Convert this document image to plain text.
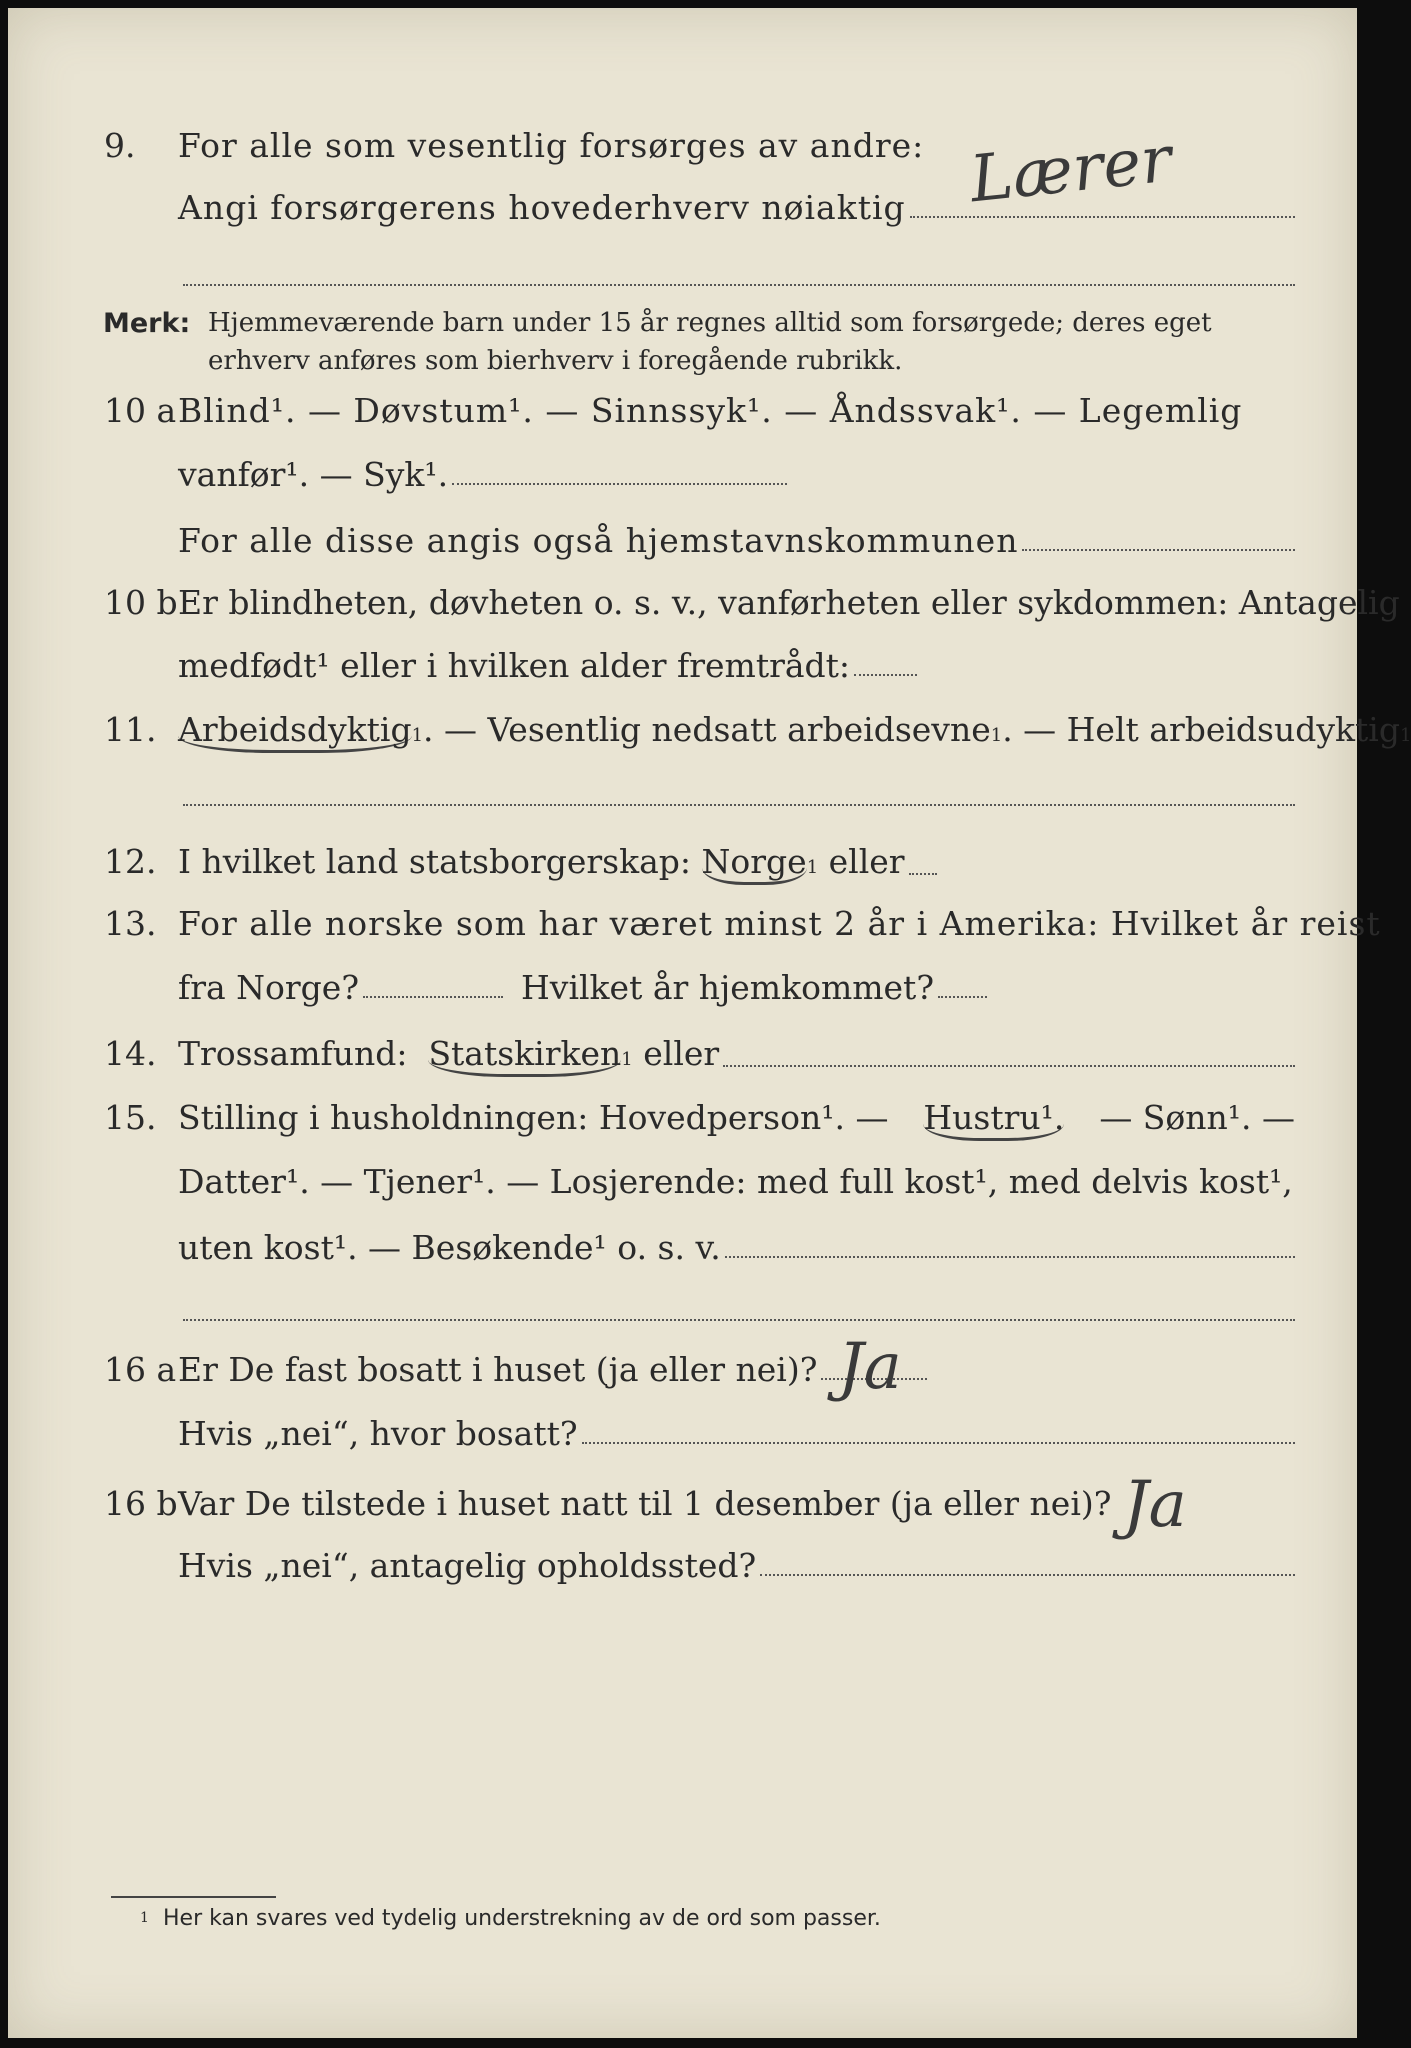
9. For alle som vesentlig forsørges av andre:
Angi forsørgerens hovederhverv nøiaktig Lærer
Merk: Hjemmeværende barn under 15 år regnes alltid som forsørgede; deres eget erhverv anføres som bierhverv i foregående rubrikk.
10 a Blind¹. — Døvstum¹. — Sinnssyk¹. — Åndssvak¹. — Legemlig
vanfør¹. — Syk¹.
For alle disse angis også hjemstavnskommunen
10 b Er blindheten, døvheten o. s. v., vanførheten eller sykdommen: Antagelig
medfødt¹ eller i hvilken alder fremtrådt:
11. Arbeidsdyktig 1 . — Vesentlig nedsatt arbeidsevne 1 . — Helt arbeidsudyktig 1
12. I hvilket land statsborgerskap:
Norge 1
eller
13. For alle norske som har været minst 2 år i Amerika: Hvilket år reist
fra Norge?	Hvilket år hjemkommet?
14. Trossamfund:
Statskirken 1
eller
15. Stilling i husholdningen: Hovedperson¹. — Hustru¹. — Sønn¹. —
Datter¹. — Tjener¹. — Losjerende: med full kost¹, med delvis kost¹,
uten kost¹. — Besøkende¹ o. s. v.
16 a Er De fast bosatt i huset (ja eller nei)? Ja
Hvis „nei“, hvor bosatt?
16 b Var De tilstede i huset natt til 1 desember (ja eller nei)? Ja
Hvis „nei“, antagelig opholdssted?
1 Her kan svares ved tydelig understrekning av de ord som passer.
